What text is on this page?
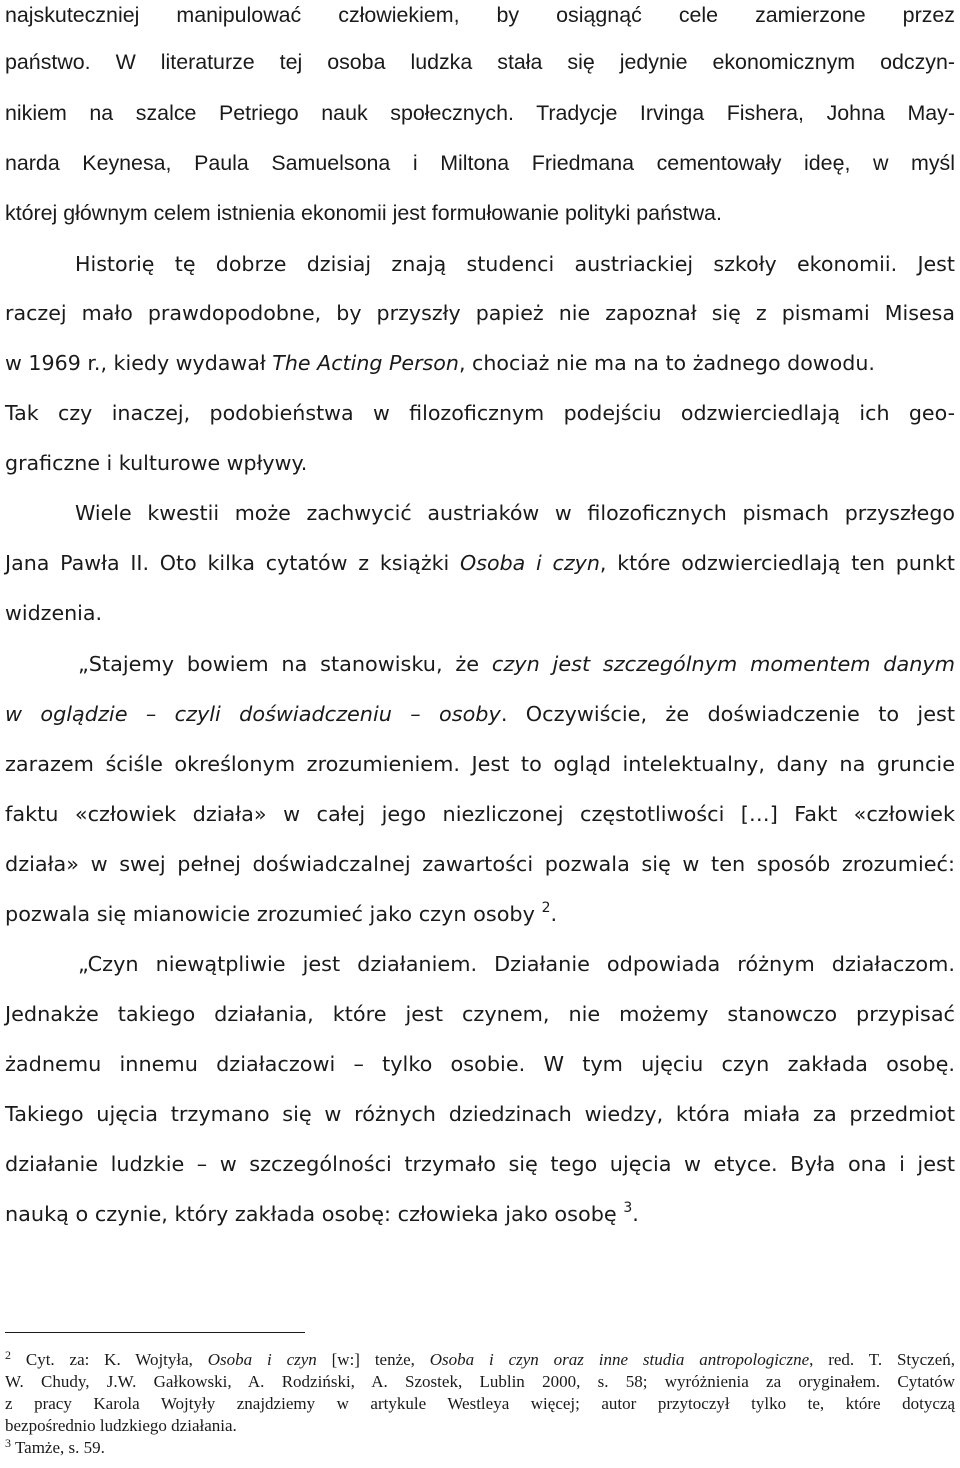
najskuteczniej manipulować człowiekiem, by osiągnąć cele zamierzone przez
państwo. W literaturze tej osoba ludzka stała się jedynie ekonomicznym odczyn-
nikiem na szalce Petriego nauk społecznych. Tradycje Irvinga Fishera, Johna May-
narda Keynesa, Paula Samuelsona i Miltona Friedmana cementowały ideę, w myśl
której głównym celem istnienia ekonomii jest formułowanie polityki państwa.
Historię tę dobrze dzisiaj znają studenci austriackiej szkoły ekonomii. Jest
raczej mało prawdopodobne, by przyszły papież nie zapoznał się z pismami Misesa
w 1969 r., kiedy wydawał The Acting Person, chociaż nie ma na to żadnego dowodu.
Tak czy inaczej, podobieństwa w filozoficznym podejściu odzwierciedlają ich geo-
graficzne i kulturowe wpływy.
Wiele kwestii może zachwycić austriaków w filozoficznych pismach przyszłego
Jana Pawła II. Oto kilka cytatów z książki Osoba i czyn, które odzwierciedlają ten punkt
widzenia.
„Stajemy bowiem na stanowisku, że czyn jest szczególnym momentem danym
w oglądzie – czyli doświadczeniu – osoby. Oczywiście, że doświadczenie to jest
zarazem ściśle określonym zrozumieniem. Jest to ogląd intelektualny, dany na gruncie
faktu «człowiek działa» w całej jego niezliczonej częstotliwości […] Fakt «człowiek
działa» w swej pełnej doświadczalnej zawartości pozwala się w ten sposób zrozumieć:
pozwala się mianowicie zrozumieć jako czyn osoby $^2$.
„Czyn niewątpliwie jest działaniem. Działanie odpowiada różnym działaczom.
Jednakże takiego działania, które jest czynem, nie możemy stanowczo przypisać
żadnemu innemu działaczowi – tylko osobie. W tym ujęciu czyn zakłada osobę.
Takiego ujęcia trzymano się w różnych dziedzinach wiedzy, która miała za przedmiot
działanie ludzkie – w szczególności trzymało się tego ujęcia w etyce. Była ona i jest
nauką o czynie, który zakłada osobę: człowieka jako osobę $^3$.
$^2$ Cyt. za: K. Wojtyła, Osoba i czyn [w:] tenże, Osoba i czyn oraz inne studia antropologiczne, red. T. Styczeń,
W. Chudy, J.W. Gałkowski, A. Rodziński, A. Szostek, Lublin 2000, s. 58; wyróżnienia za oryginałem. Cytatów
z pracy Karola Wojtyły znajdziemy w artykule Westleya więcej; autor przytoczył tylko te, które dotyczą
bezpośrednio ludzkiego działania.
$^3$ Tamże, s. 59.
